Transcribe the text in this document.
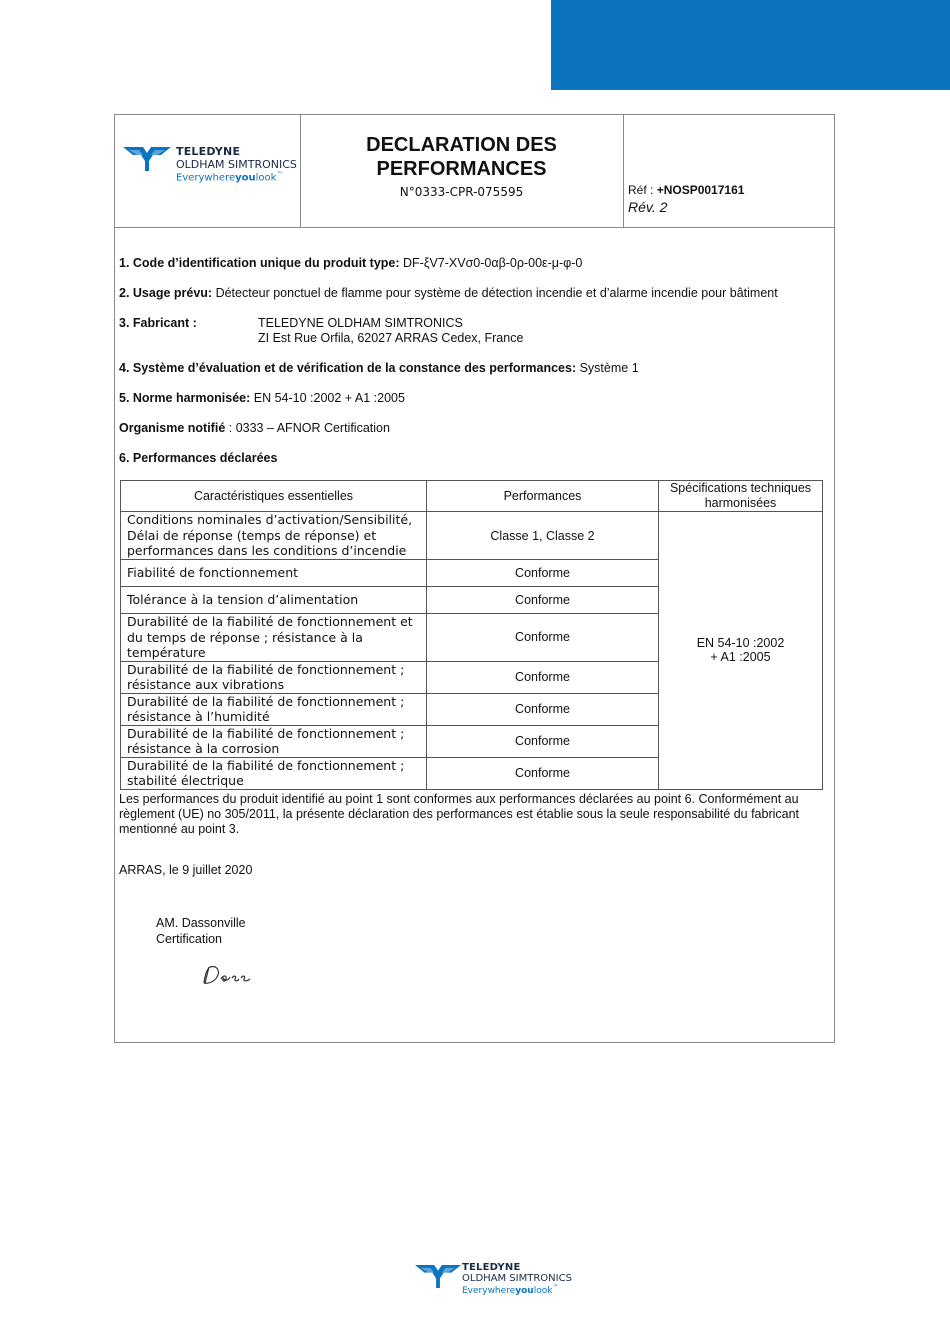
TELEDYNE
OLDHAM SIMTRONICS
Everywhereyoulook™
DECLARATION DES
PERFORMANCES
N°0333-CPR-075595	Réf : +NOSP0017161
Rév. 2
1. Code d’identification unique du produit type: DF-ξV7-XVσ0-0αβ-0ρ-00ε-μ-φ-0
2. Usage prévu: Détecteur ponctuel de flamme pour système de détection incendie et d’alarme incendie pour bâtiment
3. Fabricant :	TELEDYNE OLDHAM SIMTRONICS
ZI Est Rue Orfila, 62027 ARRAS Cedex, France
4. Système d’évaluation et de vérification de la constance des performances: Système 1
5. Norme harmonisée: EN 54-10 :2002 + A1 :2005
Organisme notifié : 0333 – AFNOR Certification
6. Performances déclarées
Caractéristiques essentielles	Performances	Spécifications techniques harmonisées
Conditions nominales d’activation/Sensibilité, Délai de réponse (temps de réponse) et performances dans les conditions d’incendie	Classe 1, Classe 2	EN 54-10 :2002
+ A1 :2005

Fiabilité de fonctionnement	Conforme	
Tolérance à la tension d’alimentation	Conforme	
Durabilité de la fiabilité de fonctionnement et du temps de réponse ; résistance à la température	Conforme	
Durabilité de la fiabilité de fonctionnement ; résistance aux vibrations	Conforme	
Durabilité de la fiabilité de fonctionnement ; résistance à l’humidité	Conforme	
Durabilité de la fiabilité de fonctionnement ; résistance à la corrosion	Conforme	
Durabilité de la fiabilité de fonctionnement ; stabilité électrique	Conforme	
Les performances du produit identifié au point 1 sont conformes aux performances déclarées au point 6. Conformément au règlement (UE) no 305/2011, la présente déclaration des performances est établie sous la seule responsabilité du fabricant mentionné au point 3.
ARRAS, le 9 juillet 2020
AM. Dassonville
Certification
TELEDYNE
OLDHAM SIMTRONICS
Everywhereyoulook™
